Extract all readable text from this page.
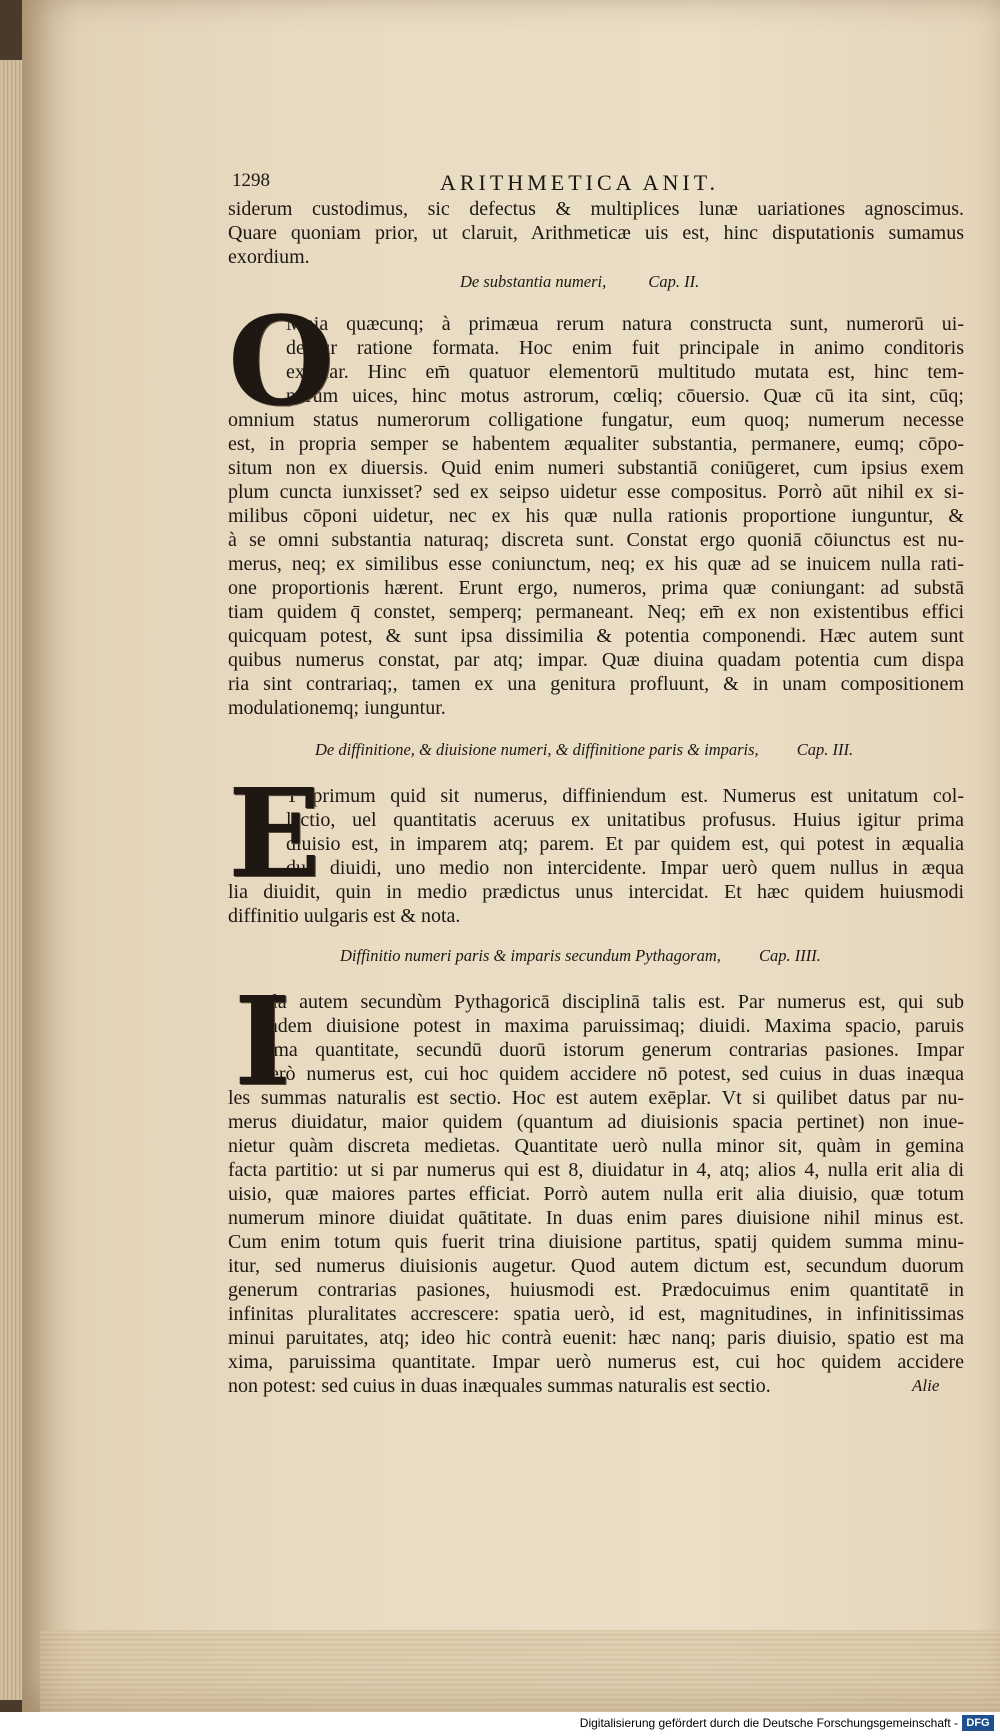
1298	ARITHMETICA ANIT.
siderum custodimus, sic defectus & multiplices lunæ uariationes agnoscimus.
Quare quoniam prior, ut claruit, Arithmeticæ uis est, hinc disputationis sumamus
exordium.
De substantia numeri,	Cap. II.
O
Mnia quæcunq; à primæua rerum natura constructa sunt, numerorū ui-
dentur ratione formata. Hoc enim fuit principale in animo conditoris
exēplar. Hinc em̄ quatuor elementorū multitudo mutata est, hinc tem-
porum uices, hinc motus astrorum, cœliq; cōuersio. Quæ cū ita sint, cūq;
omnium status numerorum colligatione fungatur, eum quoq; numerum necesse
est, in propria semper se habentem æqualiter substantia, permanere, eumq; cōpo-
situm non ex diuersis. Quid enim numeri substantiā coniūgeret, cum ipsius exem
plum cuncta iunxisset? sed ex seipso uidetur esse compositus. Porrò aūt nihil ex si-
milibus cōponi uidetur, nec ex his quæ nulla rationis proportione iunguntur, &
à se omni substantia naturaq; discreta sunt. Constat ergo quoniā cōiunctus est nu-
merus, neq; ex similibus esse coniunctum, neq; ex his quæ ad se inuicem nulla rati-
one proportionis hærent. Erunt ergo, numeros, prima quæ coniungant: ad substā
tiam quidem q̄ constet, semperq; permaneant. Neq; em̄ ex non existentibus effici
quicquam potest, & sunt ipsa dissimilia & potentia componendi. Hæc autem sunt
quibus numerus constat, par atq; impar. Quæ diuina quadam potentia cum dispa
ria sint contrariaq;, tamen ex una genitura profluunt, & in unam compositionem
modulationemq; iunguntur.
De diffinitione, & diuisione numeri, & diffinitione paris & imparis, Cap. III.
E
T primum quid sit numerus, diffiniendum est. Numerus est unitatum col-
lectio, uel quantitatis aceruus ex unitatibus profusus. Huius igitur prima
diuisio est, in imparem atq; parem. Et par quidem est, qui potest in æqualia
duo diuidi, uno medio non intercidente. Impar uerò quem nullus in æqua
lia diuidit, quin in medio prædictus unus intercidat. Et hæc quidem huiusmodi
diffinitio uulgaris est & nota.
Diffinitio numeri paris & imparis secundum Pythagoram, Cap. IIII.
I
Lla autem secundùm Pythagoricā disciplinā talis est. Par numerus est, qui sub
eadem diuisione potest in maxima paruissimaq; diuidi. Maxima spacio, paruis
sima quantitate, secundū duorū istorum generum contrarias pasiones. Impar
uerò numerus est, cui hoc quidem accidere nō potest, sed cuius in duas inæqua
les summas naturalis est sectio. Hoc est autem exēplar. Vt si quilibet datus par nu-
merus diuidatur, maior quidem (quantum ad diuisionis spacia pertinet) non inue-
nietur quàm discreta medietas. Quantitate uerò nulla minor sit, quàm in gemina
facta partitio: ut si par numerus qui est 8, diuidatur in 4, atq; alios 4, nulla erit alia di
uisio, quæ maiores partes efficiat. Porrò autem nulla erit alia diuisio, quæ totum
numerum minore diuidat quātitate. In duas enim pares diuisione nihil minus est.
Cum enim totum quis fuerit trina diuisione partitus, spatij quidem summa minu-
itur, sed numerus diuisionis augetur. Quod autem dictum est, secundum duorum
generum contrarias pasiones, huiusmodi est. Prædocuimus enim quantitatē in
infinitas pluralitates accrescere: spatia uerò, id est, magnitudines, in infinitissimas
minui paruitates, atq; ideo hic contrà euenit: hæc nanq; paris diuisio, spatio est ma
xima, paruissima quantitate. Impar uerò numerus est, cui hoc quidem accidere
non potest: sed cuius in duas inæquales summas naturalis est sectio.	Alie
Digitalisierung gefördert durch die Deutsche Forschungsgemeinschaft - DFG
